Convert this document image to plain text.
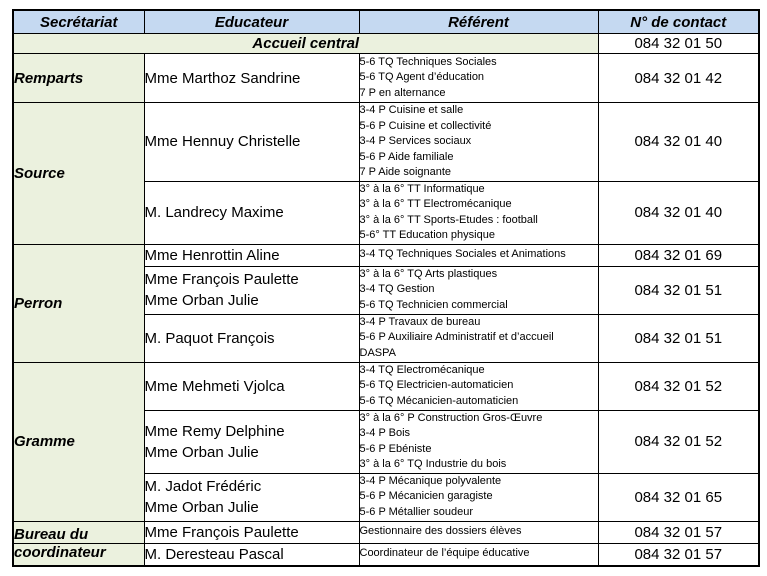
Secrétariat	Educateur	Référent	N° de contact
Accueil central			084 32 01 50
Remparts	Mme Marthoz Sandrine	5-6 TQ Techniques Sociales
5-6 TQ Agent d’éducation
7 P en alternance	084 32 01 42
Source	Mme Hennuy Christelle	3-4 P Cuisine et salle
5-6 P Cuisine et collectivité
3-4 P Services sociaux
5-6 P Aide familiale
7 P Aide soignante	084 32 01 40

	M. Landrecy Maxime	3° à la 6° TT Informatique
3° à la 6° TT Electromécanique
3° à la 6° TT Sports-Etudes : football
5-6° TT Education physique	084 32 01 40
Perron	Mme Henrottin Aline	3-4 TQ Techniques Sociales et Animations	084 32 01 69

	Mme François Paulette
Mme Orban Julie	3° à la 6° TQ Arts plastiques
3-4 TQ Gestion
5-6 TQ Technicien commercial	084 32 01 51

	M. Paquot François	3-4 P Travaux de bureau
5-6 P Auxiliaire Administratif et d’accueil
DASPA	084 32 01 51
Gramme	Mme Mehmeti Vjolca	3-4 TQ Electromécanique
5-6 TQ Electricien-automaticien
5-6 TQ Mécanicien-automaticien	084 32 01 52

	Mme Remy Delphine
Mme Orban Julie	3° à la 6° P Construction Gros-Œuvre
3-4 P Bois
5-6 P Ebéniste
3° à la 6° TQ Industrie du bois	084 32 01 52

	M. Jadot Frédéric
Mme Orban Julie	3-4 P Mécanique polyvalente
5-6 P Mécanicien garagiste
5-6 P Métallier soudeur	084 32 01 65
Bureau du	Mme François Paulette	Gestionnaire des dossiers élèves	084 32 01 57
coordinateur	M. Deresteau Pascal	Coordinateur de l’équipe éducative	084 32 01 57
